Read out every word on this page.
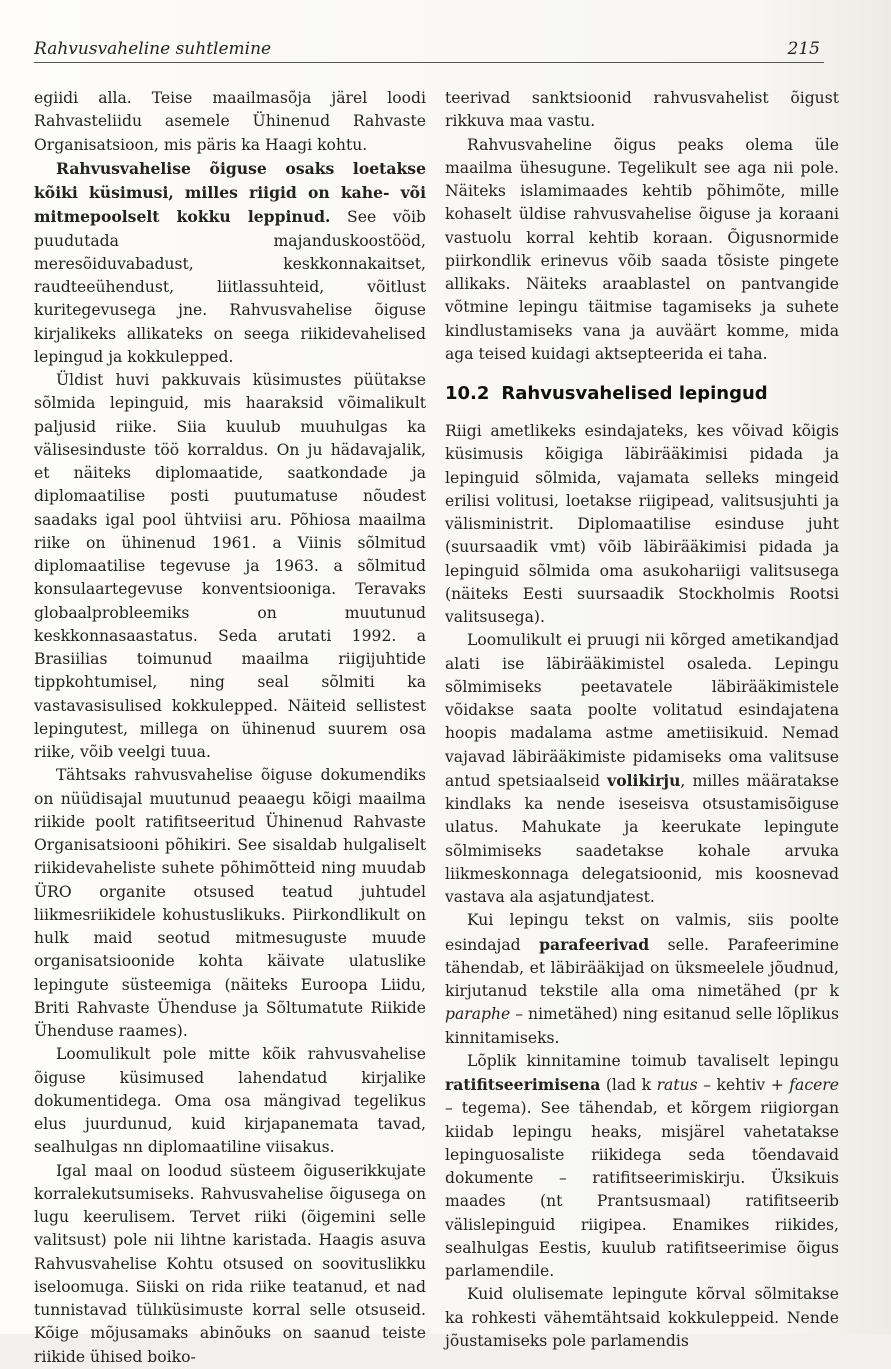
Rahvusvaheline suhtlemine	215

egiidi alla. Teise maailmasõja järel loodi Rahvasteliidu asemele Ühinenud Rahvaste Organisatsioon, mis päris ka Haagi kohtu.

Rahvusvahelise õiguse osaks loetakse kõiki küsimusi, milles riigid on kahe- või mitmepoolselt kokku leppinud. See võib puudutada majanduskoostööd, meresõiduvabadust, keskkonnakaitset, raudteeühendust, liitlassuhteid, võitlust kuritegevusega jne. Rahvusvahelise õiguse kirjalikeks allikateks on seega riikidevahelised lepingud ja kokkulepped.

Üldist huvi pakkuvais küsimustes püütakse sõlmida lepinguid, mis haaraksid võimalikult paljusid riike. Siia kuulub muuhulgas ka välisesinduste töö korraldus. On ju hädavajalik, et näiteks diplomaatide, saatkondade ja diplomaatilise posti puutumatuse nõudest saadaks igal pool ühtviisi aru. Põhiosa maailma riike on ühinenud 1961. a Viinis sõlmitud diplomaatilise tegevuse ja 1963. a sõlmitud konsulaartegevuse konventsiooniga. Teravaks globaalprobleemiks on muutunud keskkonnasaastatus. Seda arutati 1992. a Brasiilias toimunud maailma riigijuhtide tippkohtumisel, ning seal sõlmiti ka vastavasisulised kokkulepped. Näiteid sellistest lepingutest, millega on ühinenud suurem osa riike, võib veelgi tuua.

Tähtsaks rahvusvahelise õiguse dokumendiks on nüüdisajal muutunud peaaegu kõigi maailma riikide poolt ratifitseeritud Ühinenud Rahvaste Organisatsiooni põhikiri. See sisaldab hulgaliselt riikidevaheliste suhete põhimõtteid ning muudab ÜRO organite otsused teatud juhtudel liikmesriikidele kohustuslikuks. Piirkondlikult on hulk maid seotud mitmesuguste muude organisatsioonide kohta käivate ulatuslike lepingute süsteemiga (näiteks Euroopa Liidu, Briti Rahvaste Ühenduse ja Sõltumatute Riikide Ühenduse raames).

Loomulikult pole mitte kõik rahvusvahelise õiguse küsimused lahendatud kirjalike dokumentidega. Oma osa mängivad tegelikus elus juurdunud, kuid kirjapanemata tavad, sealhulgas nn diplomaatiline viisakus.

Igal maal on loodud süsteem õiguserikkujate korralekutsumiseks. Rahvusvahelise õigusega on lugu keerulisem. Tervet riiki (õigemini selle valitsust) pole nii lihtne karistada. Haagis asuva Rahvusvahelise Kohtu otsused on soovituslikku iseloomuga. Siiski on rida riike teatanud, et nad tunnistavad tülıküsimuste korral selle otsuseid. Kõige mõjusamaks abinõuks on saanud teiste riikide ühised boiko-

teerivad sanktsioonid rahvusvahelist õigust rikkuva maa vastu.

Rahvusvaheline õigus peaks olema üle maailma ühesugune. Tegelikult see aga nii pole. Näiteks islamimaades kehtib põhimõte, mille kohaselt üldise rahvusvahelise õiguse ja koraani vastuolu korral kehtib koraan. Õigusnormide piirkondlik erinevus võib saada tõsiste pingete allikaks. Näiteks araablastel on pantvangide võtmine lepingu täitmise tagamiseks ja suhete kindlustamiseks vana ja auväärt komme, mida aga teised kuidagi aktsepteerida ei taha.

10.2 Rahvusvahelised lepingud

Riigi ametlikeks esindajateks, kes võivad kõigis küsimusis kõigiga läbirääkimisi pidada ja lepinguid sõlmida, vajamata selleks mingeid erilisi volitusi, loetakse riigipead, valitsusjuhti ja välisministrit. Diplomaatilise esinduse juht (suursaadik vmt) võib läbirääkimisi pidada ja lepinguid sõlmida oma asukohariigi valitsusega (näiteks Eesti suursaadik Stockholmis Rootsi valitsusega).

Loomulikult ei pruugi nii kõrged ametikandjad alati ise läbirääkimistel osaleda. Lepingu sõlmimiseks peetavatele läbirääkimistele võidakse saata poolte volitatud esindajatena hoopis madalama astme ametiisikuid. Nemad vajavad läbirääkimiste pidamiseks oma valitsuse antud spetsiaalseid volikirju, milles määratakse kindlaks ka nende iseseisva otsustamisõiguse ulatus. Mahukate ja keerukate lepingute sõlmimiseks saadetakse kohale arvuka liikmeskonnaga delegatsioonid, mis koosnevad vastava ala asjatundjatest.

Kui lepingu tekst on valmis, siis poolte esindajad parafeerivad selle. Parafeerimine tähendab, et läbirääkijad on üksmeelele jõudnud, kirjutanud tekstile alla oma nimetähed (pr k paraphe – nimetähed) ning esitanud selle lõplikus kinnitamiseks.

Lõplik kinnitamine toimub tavaliselt lepingu ratifitseerimisena (lad k ratus – kehtiv + facere – tegema). See tähendab, et kõrgem riigiorgan kiidab lepingu heaks, misjärel vahetatakse lepinguosaliste riikidega seda tõendavaid dokumente – ratifitseerimiskirju. Üksikuis maades (nt Prantsusmaal) ratifitseerib välislepinguid riigipea. Enamikes riikides, sealhulgas Eestis, kuulub ratifitseerimise õigus parlamendile.

Kuid olulisemate lepingute kõrval sõlmitakse ka rohkesti vähemtähtsaid kokkuleppeid. Nende jõustamiseks pole parlamendis
